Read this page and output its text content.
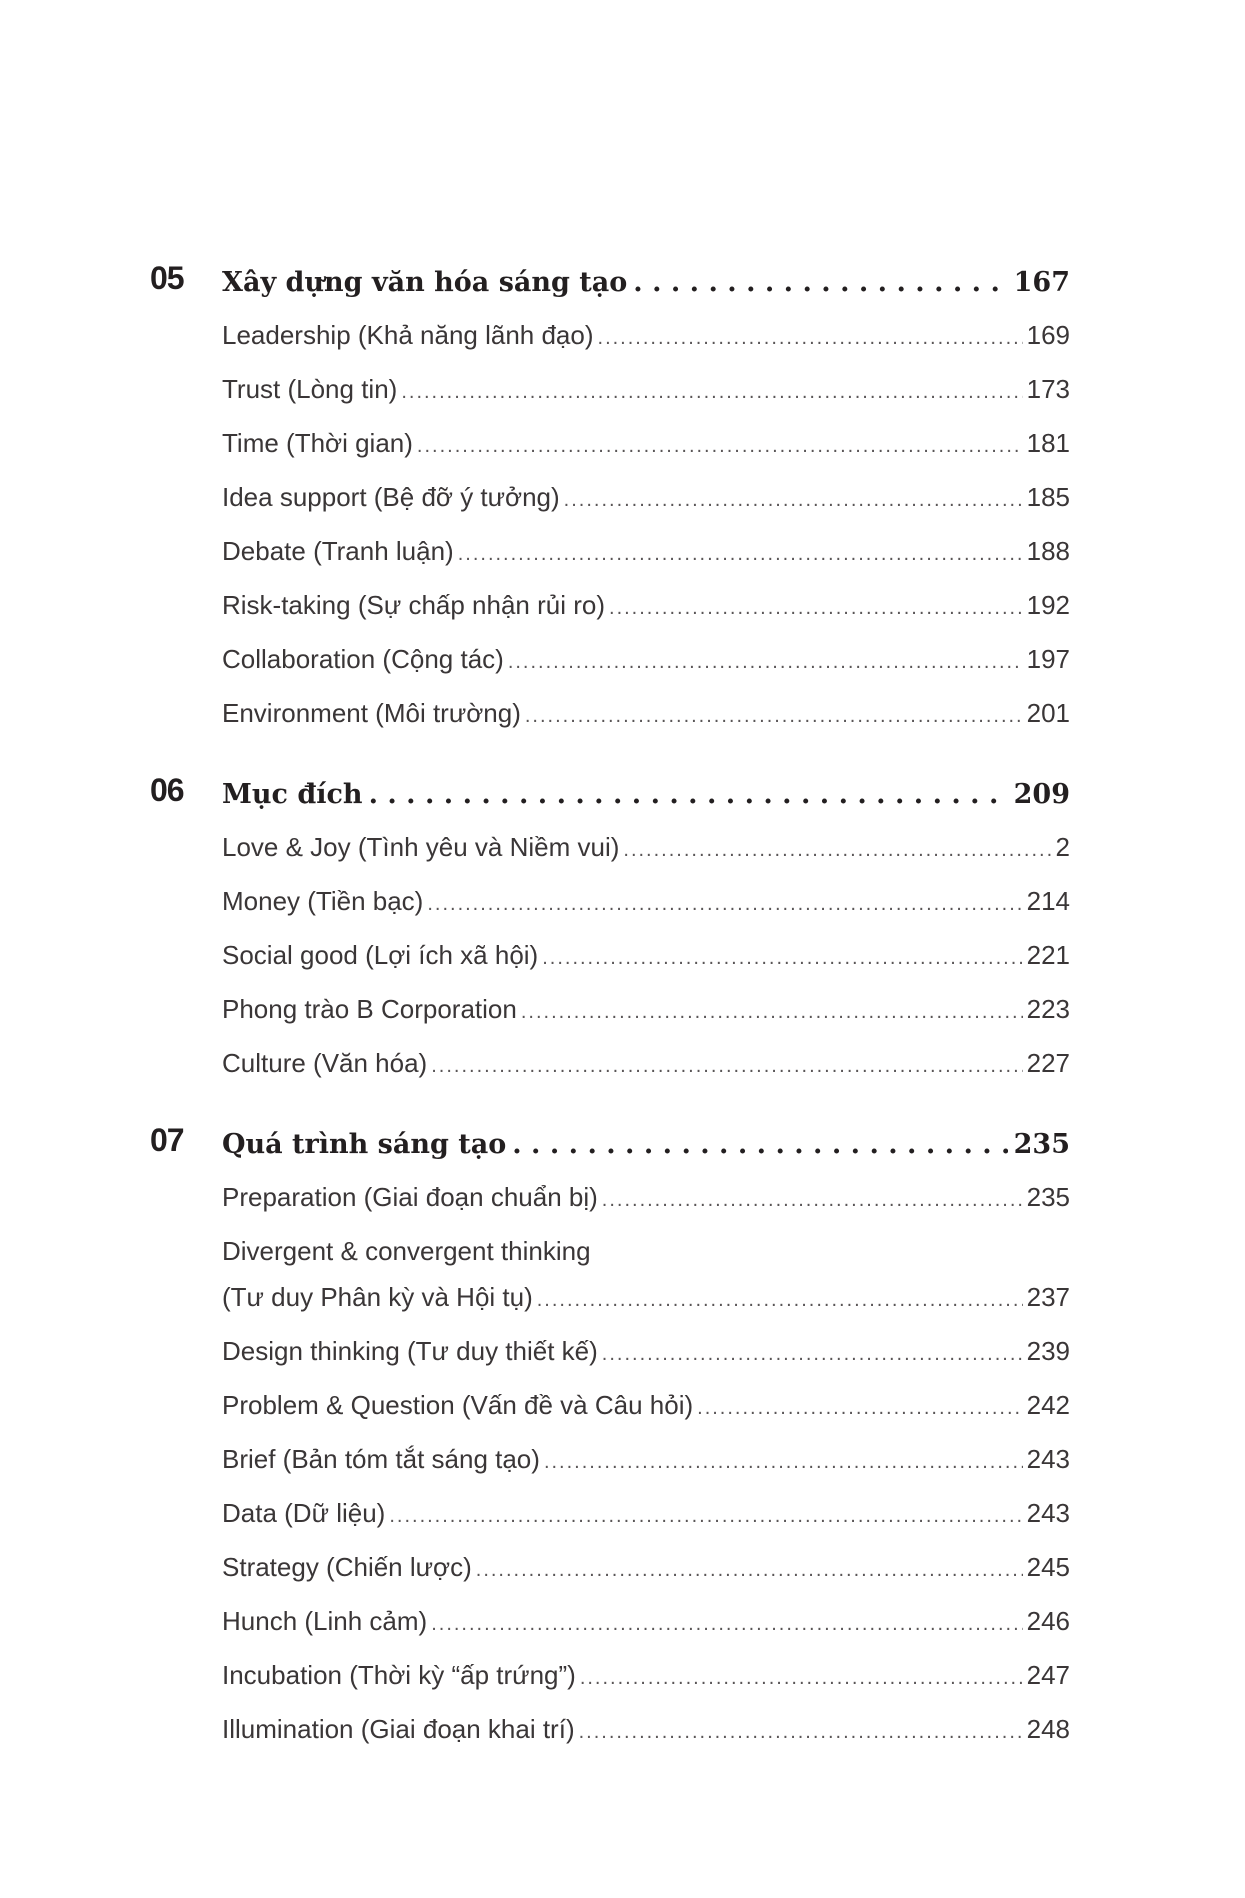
05	Xây dựng văn hóa sáng tạo . . .	167
Leadership (Khả năng lãnh đạo) .....	169
Trust (Lòng tin) .....	173
Time (Thời gian) .....	181
Idea support (Bệ đỡ ý tưởng) .....	185
Debate (Tranh luận) .....	188
Risk-taking (Sự chấp nhận rủi ro) .....	192
Collaboration (Cộng tác) .....	197
Environment (Môi trường) .....	201
06	Mục đích . . .	209
Love & Joy (Tình yêu và Niềm vui) .....	2
Money (Tiền bạc) .....	214
Social good (Lợi ích xã hội) .....	221
Phong trào B Corporation .....	223
Culture (Văn hóa) .....	227
07	Quá trình sáng tạo . . .	235
Preparation (Giai đoạn chuẩn bị) .....	235
Divergent & convergent thinking
(Tư duy Phân kỳ và Hội tụ) .....	237
Design thinking (Tư duy thiết kế) .....	239
Problem & Question (Vấn đề và Câu hỏi) .....	242
Brief (Bản tóm tắt sáng tạo) .....	243
Data (Dữ liệu) .....	243
Strategy (Chiến lược) .....	245
Hunch (Linh cảm) .....	246
Incubation (Thời kỳ “ấp trứng”) .....	247
Illumination (Giai đoạn khai trí) .....	248
